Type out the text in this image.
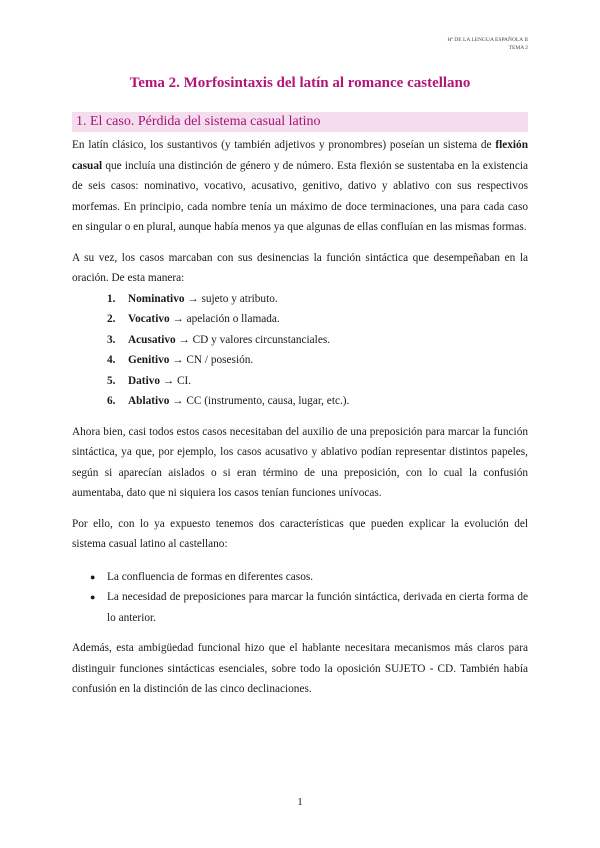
Hª DE LA LENGUA ESPAÑOLA II
TEMA 2
Tema 2. Morfosintaxis del latín al romance castellano
1. El caso. Pérdida del sistema casual latino

En latín clásico, los sustantivos (y también adjetivos y pronombres) poseían un sistema de flexión casual que incluía una distinción de género y de número. Esta flexión se sustentaba en la existencia de seis casos: nominativo, vocativo, acusativo, genitivo, dativo y ablativo con sus respectivos morfemas. En principio, cada nombre tenía un máximo de doce terminaciones, una para cada caso en singular o en plural, aunque había menos ya que algunas de ellas confluían en las mismas formas.

A su vez, los casos marcaban con sus desinencias la función sintáctica que desempeñaban en la oración. De esta manera:

1.	Nominativo → sujeto y atributo.
2.	Vocativo → apelación o llamada.
3.	Acusativo → CD y valores circunstanciales.
4.	Genitivo → CN / posesión.
5.	Dativo → CI.
6.	Ablativo → CC (instrumento, causa, lugar, etc.).

Ahora bien, casi todos estos casos necesitaban del auxilio de una preposición para marcar la función sintáctica, ya que, por ejemplo, los casos acusativo y ablativo podían representar distintos papeles, según si aparecían aislados o si eran término de una preposición, con lo cual la confusión aumentaba, dato que ni siquiera los casos tenían funciones unívocas.

Por ello, con lo ya expuesto tenemos dos características que pueden explicar la evolución del sistema casual latino al castellano:

●	La confluencia de formas en diferentes casos.
●	La necesidad de preposiciones para marcar la función sintáctica, derivada en cierta forma de lo anterior.

Además, esta ambigüedad funcional hizo que el hablante necesitara mecanismos más claros para distinguir funciones sintácticas esenciales, sobre todo la oposición SUJETO - CD. También había confusión en la distinción de las cinco declinaciones.

1
